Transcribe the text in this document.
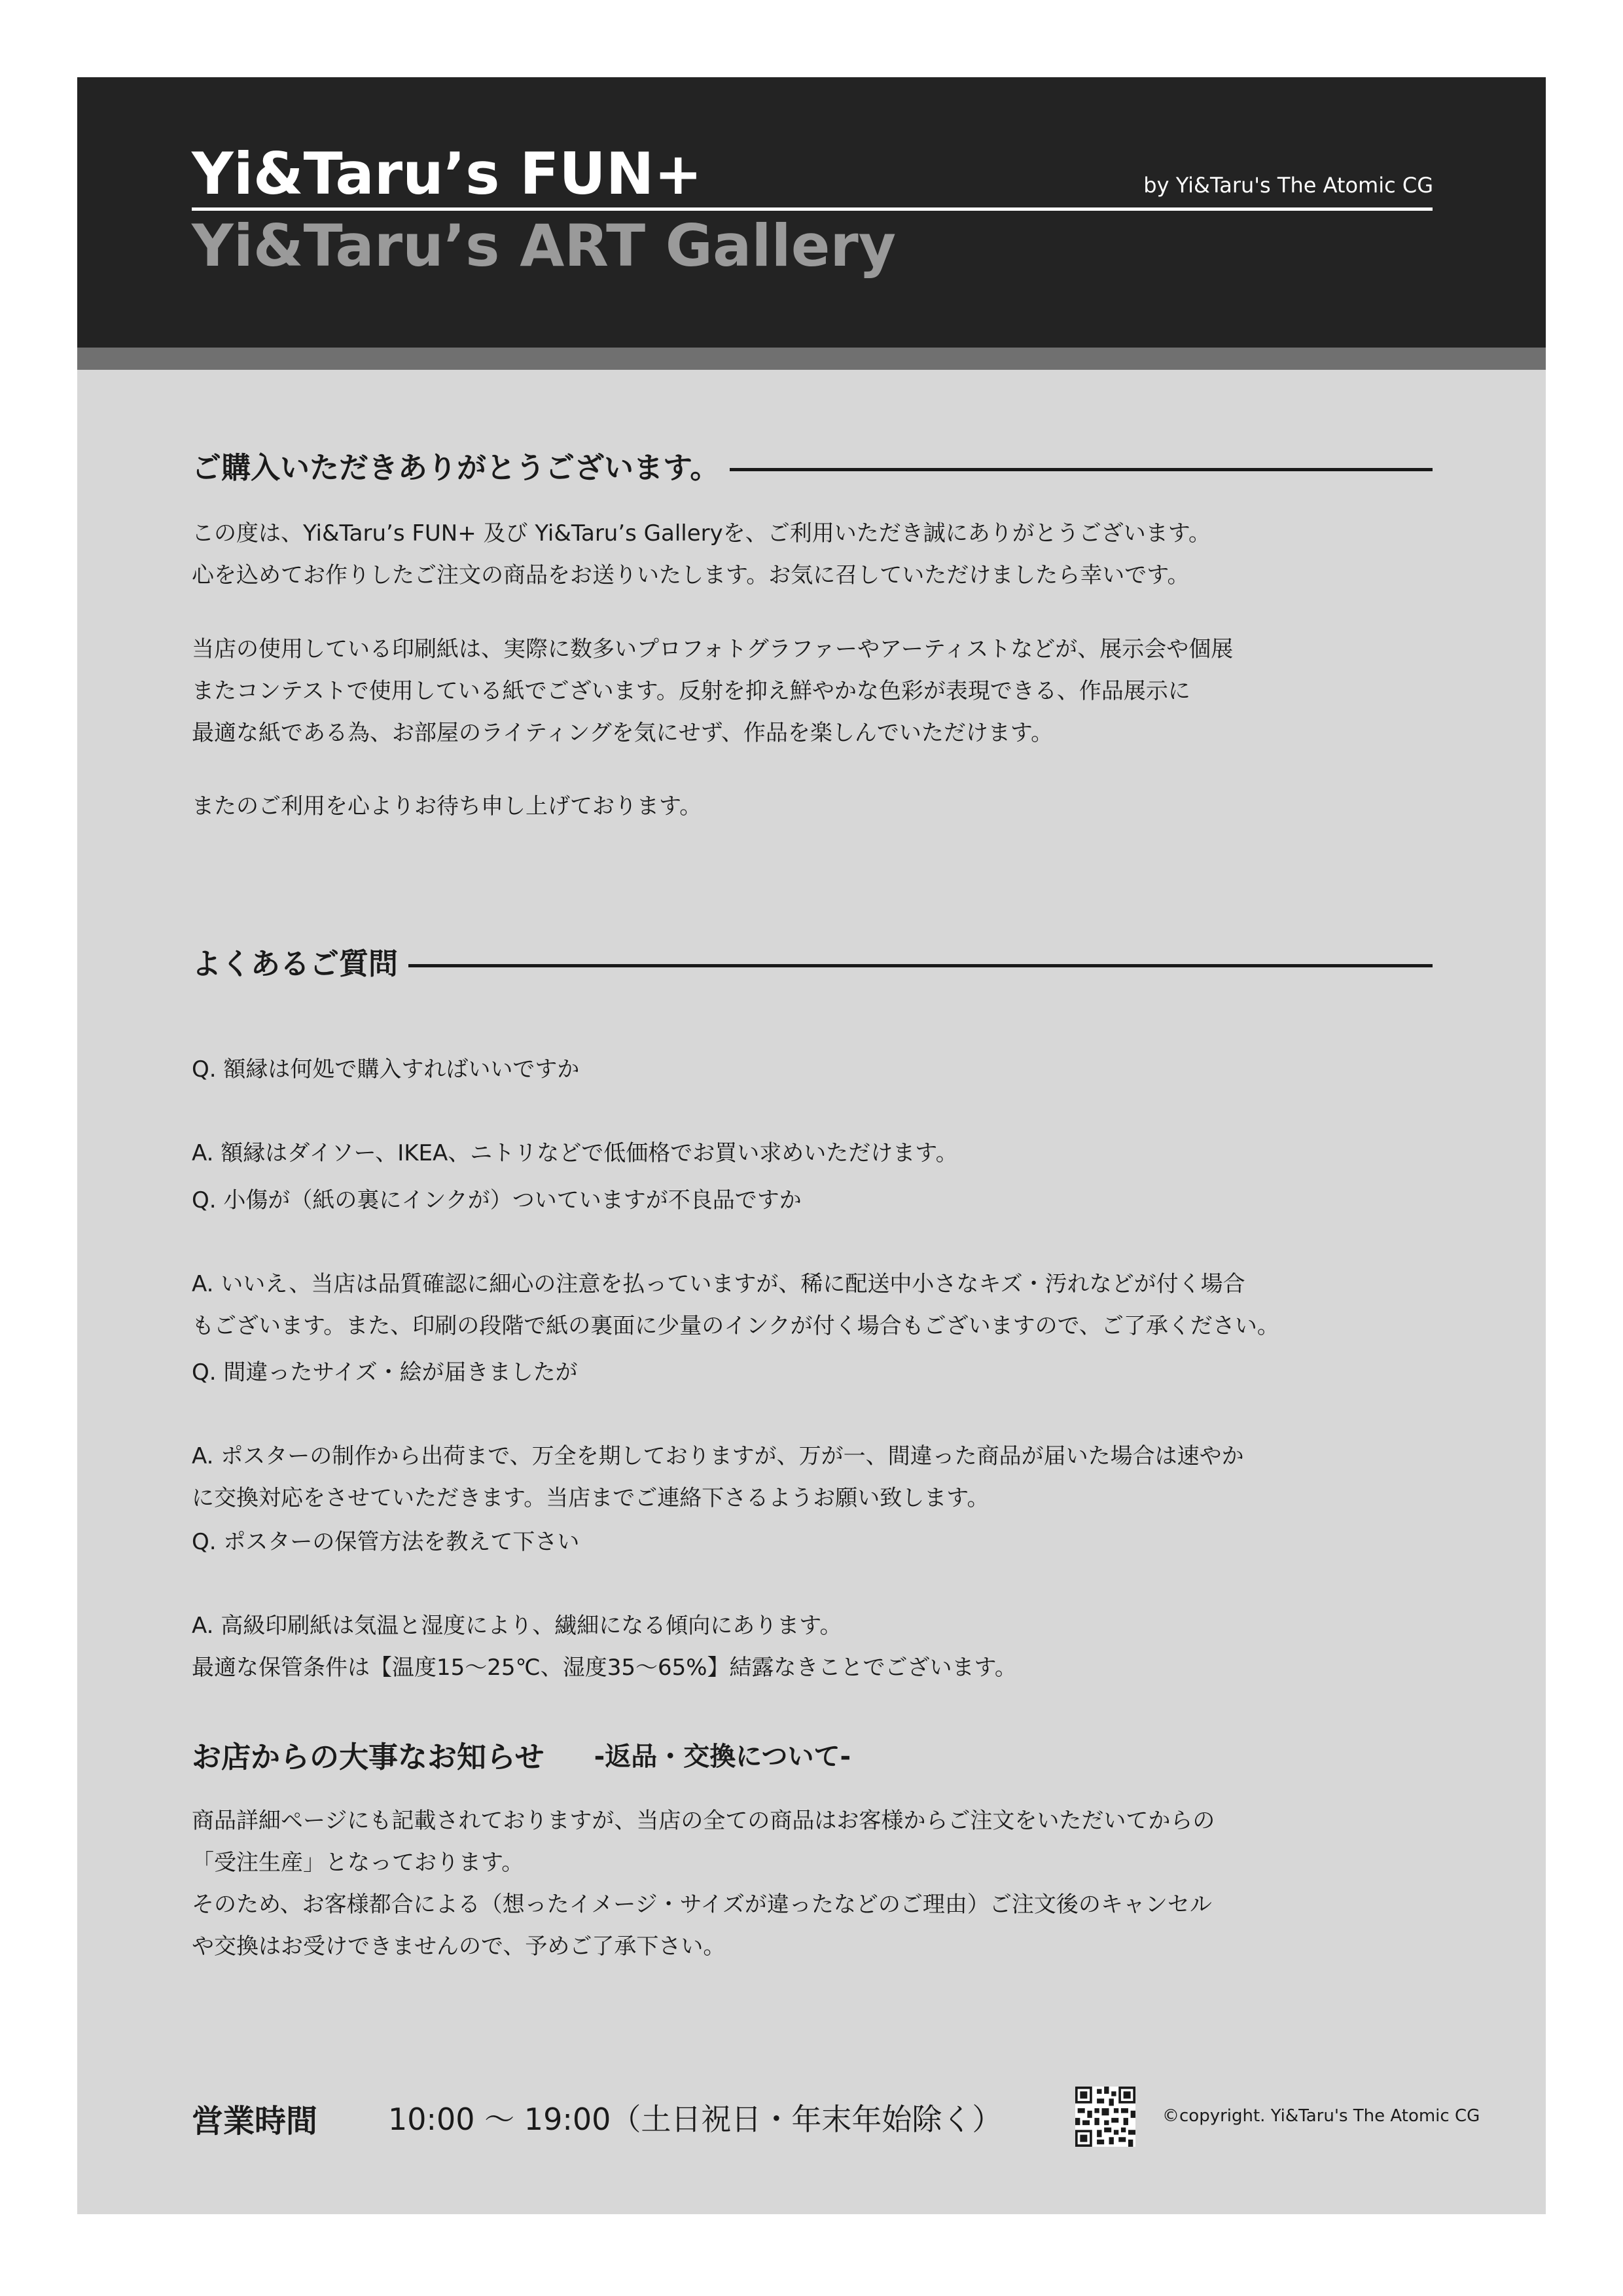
Yi&Taru’s FUN+	by Yi&Taru's The Atomic CG
Yi&Taru’s ART Gallery
ご購入いただきありがとうございます。
この度は、Yi&Taru’s FUN+ 及び Yi&Taru’s Galleryを、ご利用いただき誠にありがとうございます。
心を込めてお作りしたご注文の商品をお送りいたします。お気に召していただけましたら幸いです。
当店の使用している印刷紙は、実際に数多いプロフォトグラファーやアーティストなどが、展示会や個展
またコンテストで使用している紙でございます。反射を抑え鮮やかな色彩が表現できる、作品展示に
最適な紙である為、お部屋のライティングを気にせず、作品を楽しんでいただけます。
またのご利用を心よりお待ち申し上げております。
よくあるご質問

Q. 額縁は何処で購入すればいいですか

A. 額縁はダイソー、IKEA、ニトリなどで低価格でお買い求めいただけます。

Q. 小傷が（紙の裏にインクが）ついていますが不良品ですか

A. いいえ、当店は品質確認に細心の注意を払っていますが、稀に配送中小さなキズ・汚れなどが付く場合
もございます。また、印刷の段階で紙の裏面に少量のインクが付く場合もございますので、ご了承ください。

Q. 間違ったサイズ・絵が届きましたが

A. ポスターの制作から出荷まで、万全を期しておりますが、万が一、間違った商品が届いた場合は速やか
に交換対応をさせていただきます。当店までご連絡下さるようお願い致します。

Q. ポスターの保管方法を教えて下さい

A. 高級印刷紙は気温と湿度により、繊細になる傾向にあります。
最適な保管条件は【温度15〜25℃、湿度35〜65%】結露なきことでございます。

お店からの大事なお知らせ	-返品・交換について-
商品詳細ページにも記載されておりますが、当店の全ての商品はお客様からご注文をいただいてからの
「受注生産」となっております。
そのため、お客様都合による（想ったイメージ・サイズが違ったなどのご理由）ご注文後のキャンセル
や交換はお受けできませんので、予めご了承下さい。
営業時間 10:00 〜 19:00（土日祝日・年末年始除く）	©copyright. Yi&Taru's The Atomic CG
